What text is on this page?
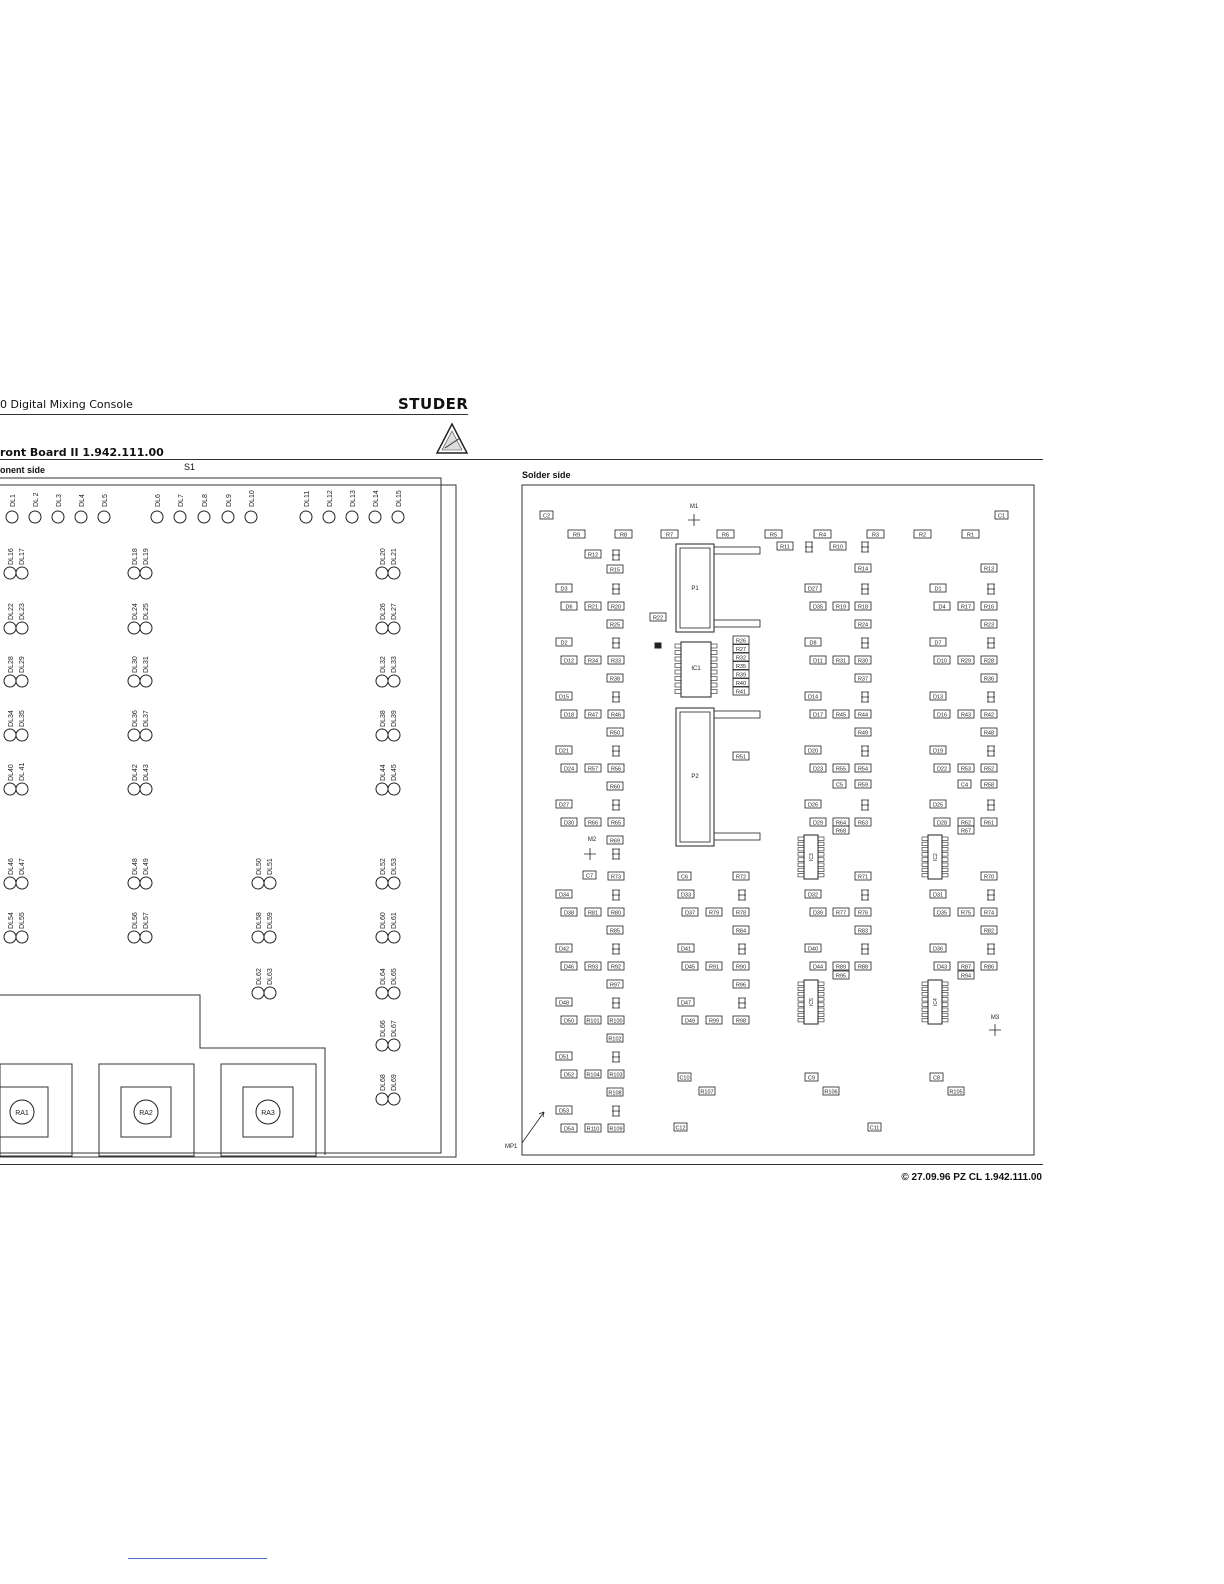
0 Digital Mixing Console	STUDER
ront Board II 1.942.111.00
onent side	S1
Solder side
DL1 DL 2 DL3 DL4 DL5	DL6 DL7 DL8 DL9 DL10	DL11 DL12 DL13 DL14 DL15
DL16 DL17	DL18 DL19	DL20 DL21
DL22 DL23	DL24 DL25	DL26 DL27
DL28 DL29	DL30 DL31	DL32 DL33
DL34 DL35	DL36 DL37	DL38 DL39
DL40 DL 41	DL42 DL43	DL44 DL45
DL46 DL47	DL48 DL49	DL50 DL51	DL52 DL53
DL54 DL55	DL56 DL57	DL58 DL59	DL60 DL61
DL62 DL63	DL64 DL65
DL66 DL67
DL68 DL69
RA1	RA2	RA3
C2	C1
R9	R8	R7	R6	R5	R4	R3	R2	R1
M1
R12
R15
D3
D6	R21 R20
R25
D2
D12	R34 R33
R38
D15
D18	R47 R46
R50
D21
D24	R57 R56
R60
D27
D30	R66 R65
R69
M2
C7	R73
D34
D38	R81 R80
R85
D42
D46	R93 R92
R97
D48
D50 R101 R100
R102
D51
D52 R104 R103
R108
D53
D54 R110 R109
P1
P2
R22
IC1
R26
R27
R32
R35
R39
R40
R41
R51
C6	R72
D33
D37	R79	R78
R84
D41
D45	R91	R90
R96
D47
D49	R99	R98
C10
R107
C12
R11	R10
R14
D27
D35 R19 R18
R24
D8
D11 R31 R30
R37
D14
D17 R45 R44
R49
D20
D23 R55 R54
C5	R59
D26
D29 R64 R63
R68
R71
D32
D39 R77 R76
R83
D40
D44 R89 R88
R95
C9
R106
C11
IC3
IC5
IC2
IC4
R13
D1
D4	R17 R16
R23
D7
D10	R29 R28
R36
D13
D16	R43 R42
R48
D19
D22	R53 R52
C4	R58
D25
D28	R62 R61
R67
R70
D31
D35	R75 R74
R82
D36
D43	R87 R86
R94
C8
R105
M3
MP1
© 27.09.96 PZ CL 1.942.111.00
